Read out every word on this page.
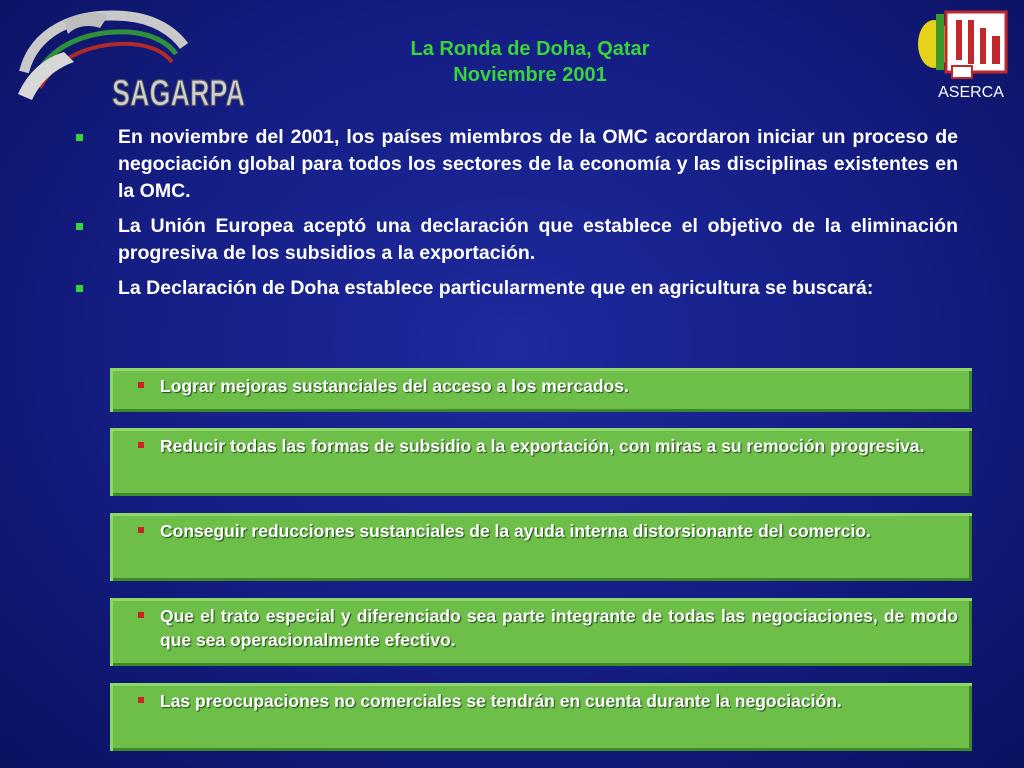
SAGARPA
La Ronda de Doha, Qatar
Noviembre 2001
ASERCA
En noviembre del 2001, los países miembros de la OMC acordaron iniciar un proceso de negociación global para todos los sectores de la economía y las disciplinas existentes en la OMC.
La Unión Europea aceptó una declaración que establece el objetivo de la eliminación progresiva de los subsidios a la exportación.
La Declaración de Doha establece particularmente que en agricultura se buscará:
Lograr mejoras sustanciales del acceso a los mercados.
Reducir todas las formas de subsidio a la exportación, con miras a su remoción progresiva.
Conseguir reducciones sustanciales de la ayuda interna distorsionante del comercio.
Que el trato especial y diferenciado sea parte integrante de todas las negociaciones, de modo que sea operacionalmente efectivo.
Las preocupaciones no comerciales se tendrán en cuenta durante la negociación.
